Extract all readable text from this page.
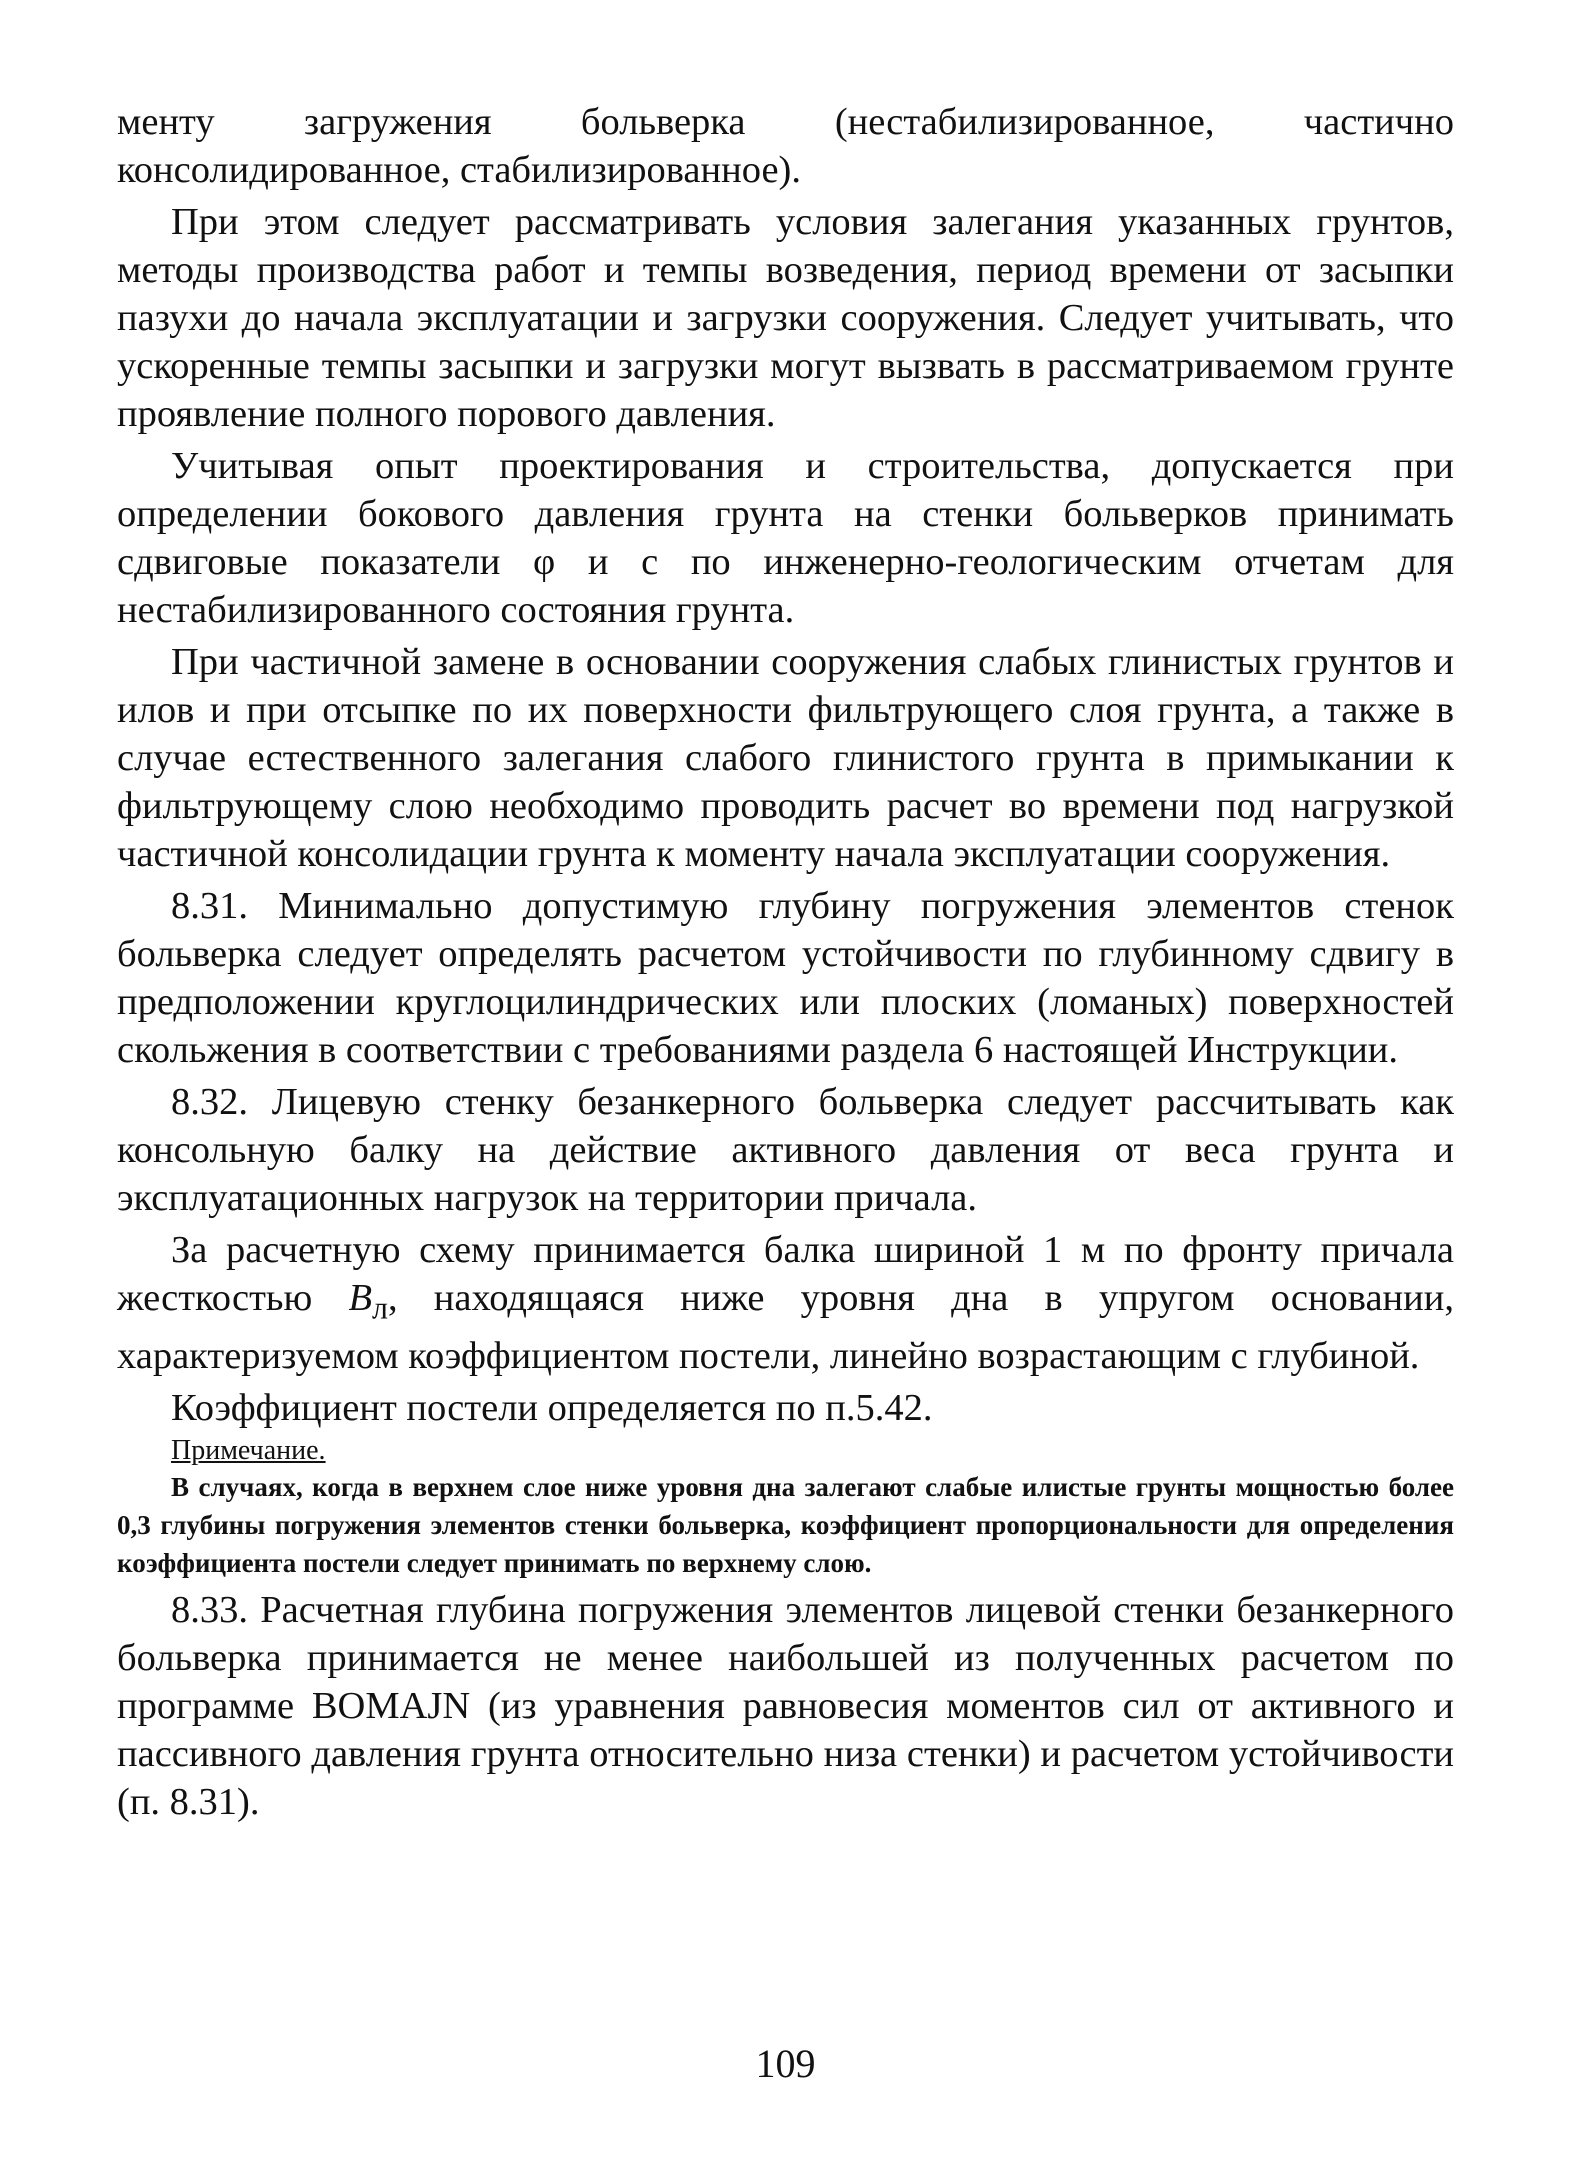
менту загружения больверка (нестабилизированное, частично консолидированное, стабилизированное).

При этом следует рассматривать условия залегания указанных грунтов, методы производства работ и темпы возведения, период времени от засыпки пазухи до начала эксплуатации и загрузки сооружения. Следует учитывать, что ускоренные темпы засыпки и загрузки могут вызвать в рассматриваемом грунте проявление полного порового давления.

Учитывая опыт проектирования и строительства, допускается при определении бокового давления грунта на стенки больверков принимать сдвиговые показатели φ и c по инженерно-геологическим отчетам для нестабилизированного состояния грунта.

При частичной замене в основании сооружения слабых глинистых грунтов и илов и при отсыпке по их поверхности фильтрующего слоя грунта, а также в случае естественного залегания слабого глинистого грунта в примыкании к фильтрующему слою необходимо проводить расчет во времени под нагрузкой частичной консолидации грунта к моменту начала эксплуатации сооружения.

8.31. Минимально допустимую глубину погружения элементов стенок больверка следует определять расчетом устойчивости по глубинному сдвигу в предположении круглоцилиндрических или плоских (ломаных) поверхностей скольжения в соответствии с требованиями раздела 6 настоящей Инструкции.

8.32. Лицевую стенку безанкерного больверка следует рассчитывать как консольную балку на действие активного давления от веса грунта и эксплуатационных нагрузок на территории причала.

За расчетную схему принимается балка шириной 1 м по фронту причала жесткостью $B_л$, находящаяся ниже уровня дна в упругом основании, характеризуемом коэффициентом постели, линейно возрастающим с глубиной.

Коэффициент постели определяется по п.5.42.

Примечание.
В случаях, когда в верхнем слое ниже уровня дна залегают слабые илистые грунты мощностью более 0,3 глубины погружения элементов стенки больверка, коэффициент пропорциональности для определения коэффициента постели следует принимать по верхнему слою.

8.33. Расчетная глубина погружения элементов лицевой стенки безанкерного больверка принимается не менее наибольшей из полученных расчетом по программе BOMAJN (из уравнения равновесия моментов сил от активного и пассивного давления грунта относительно низа стенки) и расчетом устойчивости (п. 8.31).

109
